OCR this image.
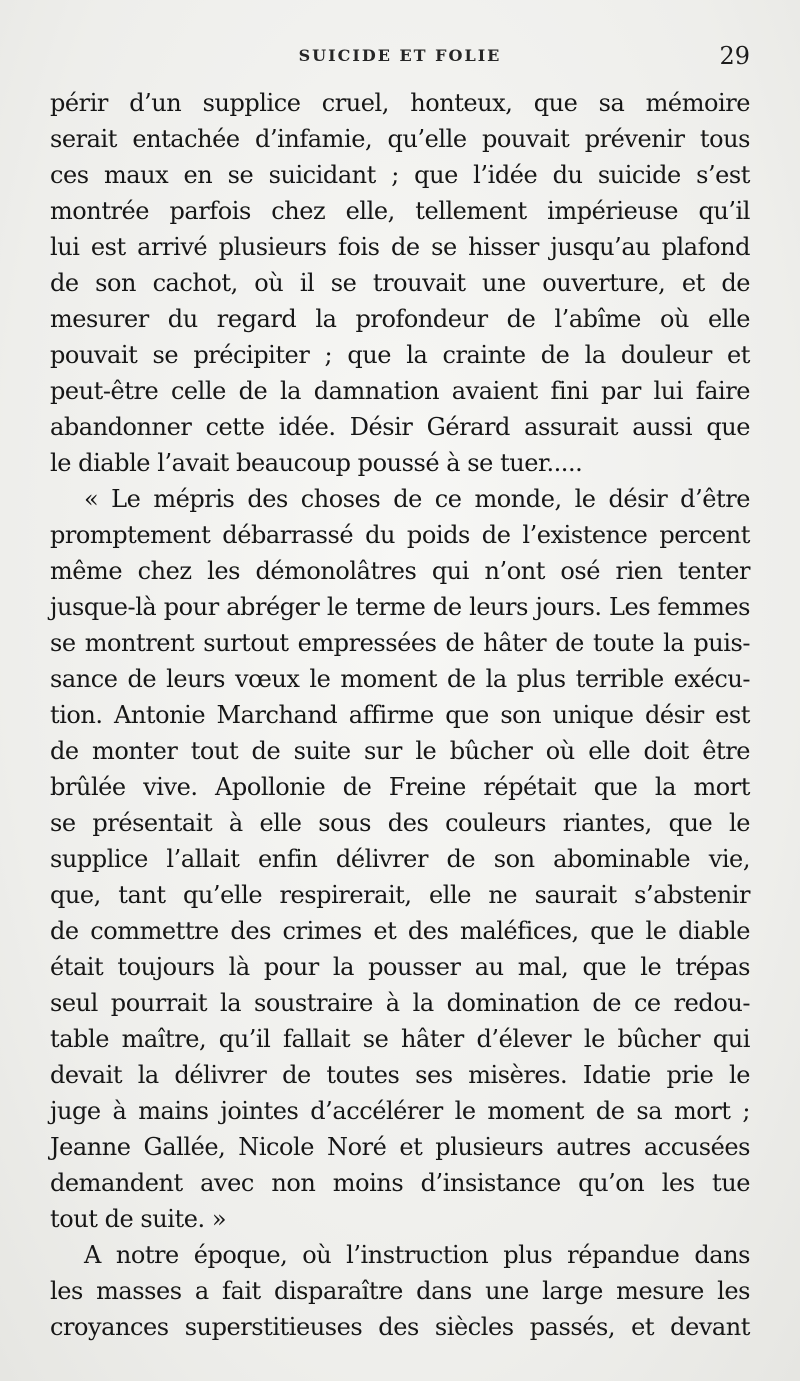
SUICIDE ET FOLIE	29
périr d’un supplice cruel, honteux, que sa mémoire
serait entachée d’infamie, qu’elle pouvait prévenir tous
ces maux en se suicidant ; que l’idée du suicide s’est
montrée parfois chez elle, tellement impérieuse qu’il
lui est arrivé plusieurs fois de se hisser jusqu’au plafond
de son cachot, où il se trouvait une ouverture, et de
mesurer du regard la profondeur de l’abîme où elle
pouvait se précipiter ; que la crainte de la douleur et
peut-être celle de la damnation avaient fini par lui faire
abandonner cette idée. Désir Gérard assurait aussi que
le diable l’avait beaucoup poussé à se tuer.....
« Le mépris des choses de ce monde, le désir d’être
promptement débarrassé du poids de l’existence percent
même chez les démonolâtres qui n’ont osé rien tenter
jusque-là pour abréger le terme de leurs jours. Les femmes
se montrent surtout empressées de hâter de toute la puis-
sance de leurs vœux le moment de la plus terrible exécu-
tion. Antonie Marchand affirme que son unique désir est
de monter tout de suite sur le bûcher où elle doit être
brûlée vive. Apollonie de Freine répétait que la mort
se présentait à elle sous des couleurs riantes, que le
supplice l’allait enfin délivrer de son abominable vie,
que, tant qu’elle respirerait, elle ne saurait s’abstenir
de commettre des crimes et des maléfices, que le diable
était toujours là pour la pousser au mal, que le trépas
seul pourrait la soustraire à la domination de ce redou-
table maître, qu’il fallait se hâter d’élever le bûcher qui
devait la délivrer de toutes ses misères. Idatie prie le
juge à mains jointes d’accélérer le moment de sa mort ;
Jeanne Gallée, Nicole Noré et plusieurs autres accusées
demandent avec non moins d’insistance qu’on les tue
tout de suite. »
A notre époque, où l’instruction plus répandue dans
les masses a fait disparaître dans une large mesure les
croyances superstitieuses des siècles passés, et devant
